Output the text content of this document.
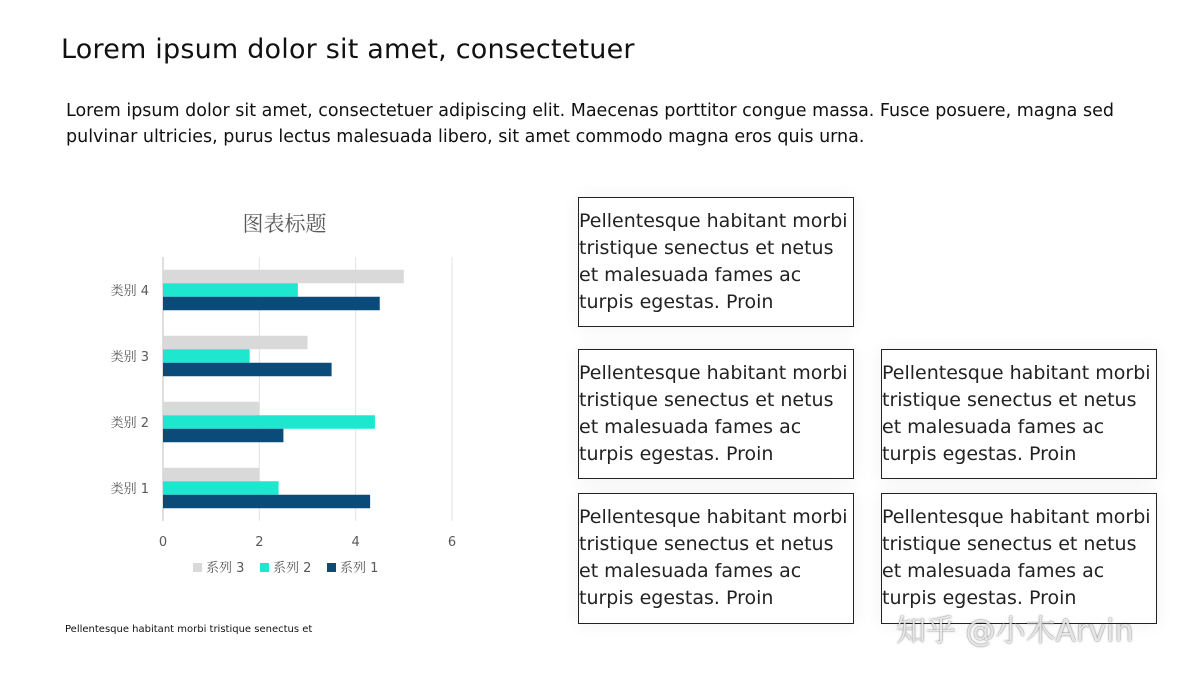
Lorem ipsum dolor sit amet, consectetuer

Lorem ipsum dolor sit amet, consectetuer adipiscing elit. Maecenas porttitor congue massa. Fusce posuere, magna sed pulvinar ultricies, purus lectus malesuada libero, sit amet commodo magna eros quis urna.

图表标题
0	2	4	6
类别 1
类别 2
类别 3
类别 4
系列 3 系列 2 系列 1

Pellentesque habitant morbi tristique senectus et

Pellentesque habitant morbi tristique senectus et netus et malesuada fames ac turpis egestas. Proin
Pellentesque habitant morbi tristique senectus et netus et malesuada fames ac turpis egestas. Proin
Pellentesque habitant morbi tristique senectus et netus et malesuada fames ac turpis egestas. Proin
Pellentesque habitant morbi tristique senectus et netus et malesuada fames ac turpis egestas. Proin
Pellentesque habitant morbi tristique senectus et netus et malesuada fames ac turpis egestas. Proin
知乎 @小木Arvin
